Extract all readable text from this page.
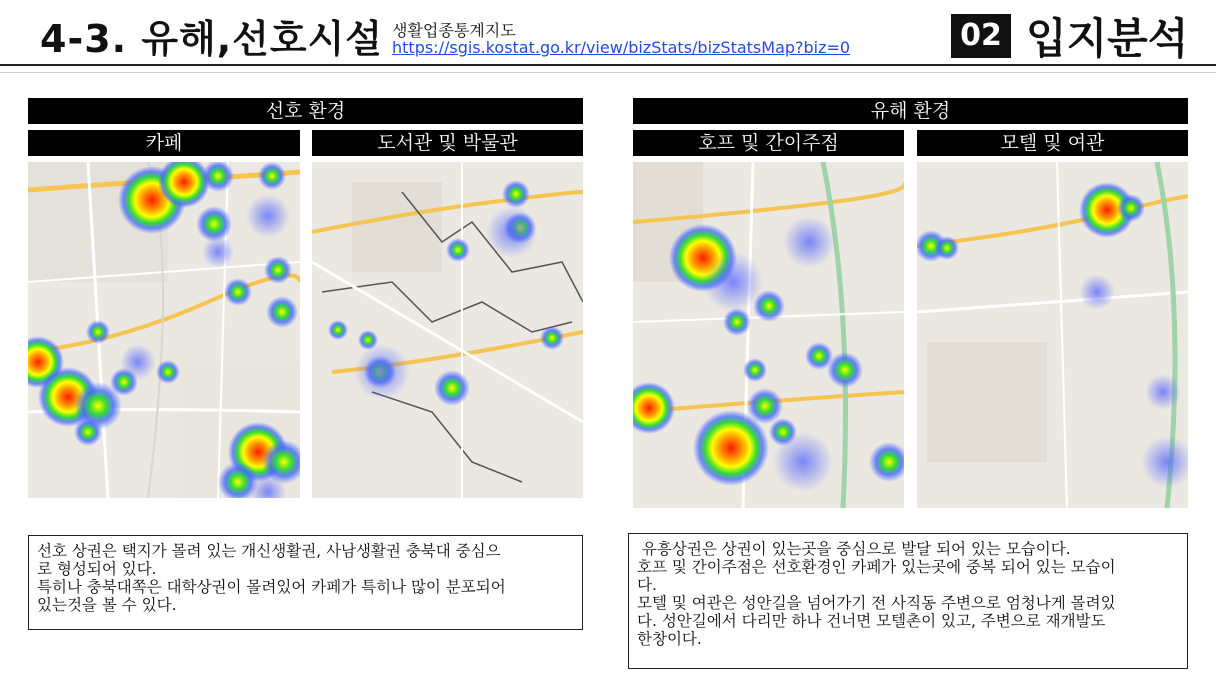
4-3. 유해,선호시설 생활업종통계지도
https://sgis.kostat.go.kr/view/bizStats/bizStatsMap?biz=0	02 입지분석
선호 환경
카페	도서관 및 박물관

선호 상권은 택지가 몰려 있는 개신생활권, 사남생활권 충북대 중심으

로 형성되어 있다.

특히나 충북대쪽은 대학상권이 몰려있어 카페가 특히나 많이 분포되어

있는것을 볼 수 있다.

유해 환경
호프 및 간이주점	모텔 및 여관

유흥상권은 상권이 있는곳을 중심으로 발달 되어 있는 모습이다.

호프 및 간이주점은 선호환경인 카페가 있는곳에 중복 되어 있는 모습이

다.

모텔 및 여관은 성안길을 넘어가기 전 사직동 주변으로 엄청나게 몰려있

다. 성안길에서 다리만 하나 건너면 모텔촌이 있고, 주변으로 재개발도

한창이다.
